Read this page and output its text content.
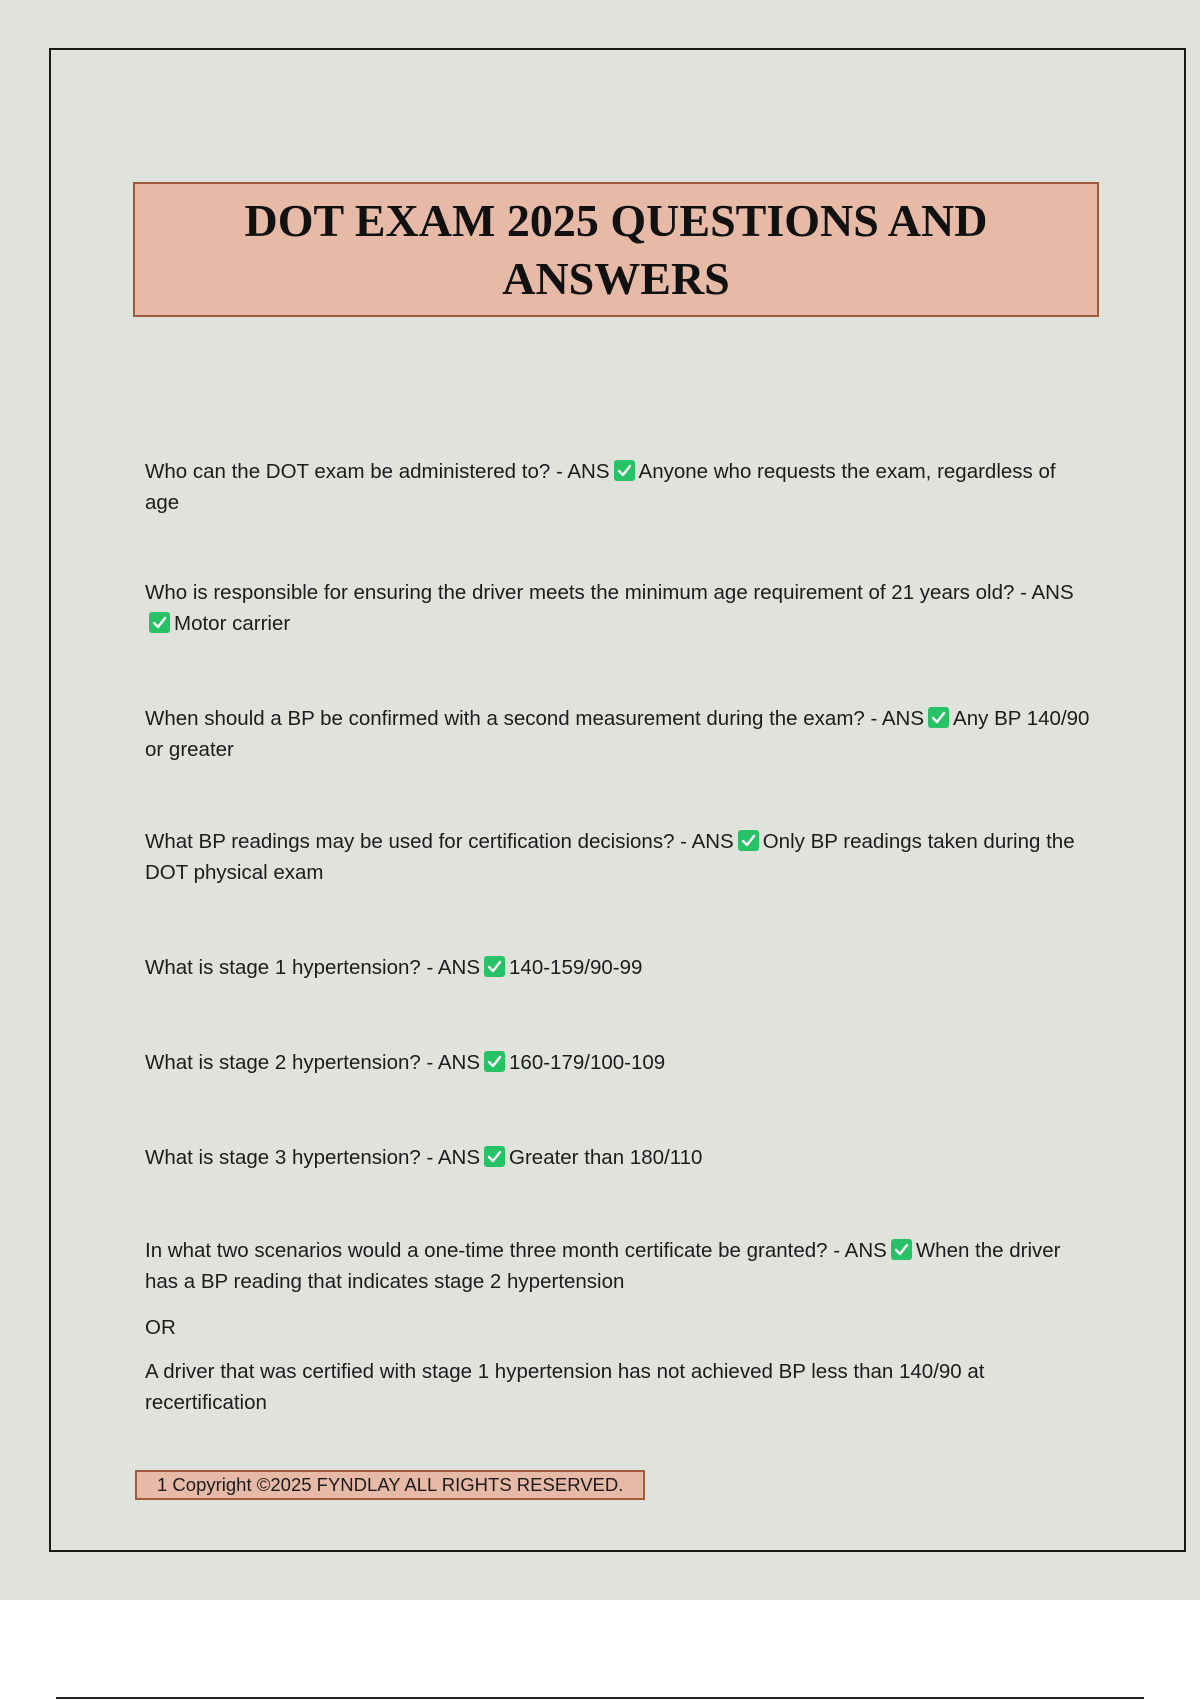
DOT EXAM 2025 QUESTIONS AND ANSWERS

Who can the DOT exam be administered to? - ANS Anyone who requests the exam, regardless of age

Who is responsible for ensuring the driver meets the minimum age requirement of 21 years old? - ANS
Motor carrier

When should a BP be confirmed with a second measurement during the exam? - ANS Any BP 140/90 or greater

What BP readings may be used for certification decisions? - ANS Only BP readings taken during the DOT physical exam

What is stage 1 hypertension? - ANS 140-159/90-99

What is stage 2 hypertension? - ANS 160-179/100-109

What is stage 3 hypertension? - ANS Greater than 180/110

In what two scenarios would a one-time three month certificate be granted? - ANS When the driver has a BP reading that indicates stage 2 hypertension

OR

A driver that was certified with stage 1 hypertension has not achieved BP less than 140/90 at recertification

1 Copyright ©2025 FYNDLAY ALL RIGHTS RESERVED.
